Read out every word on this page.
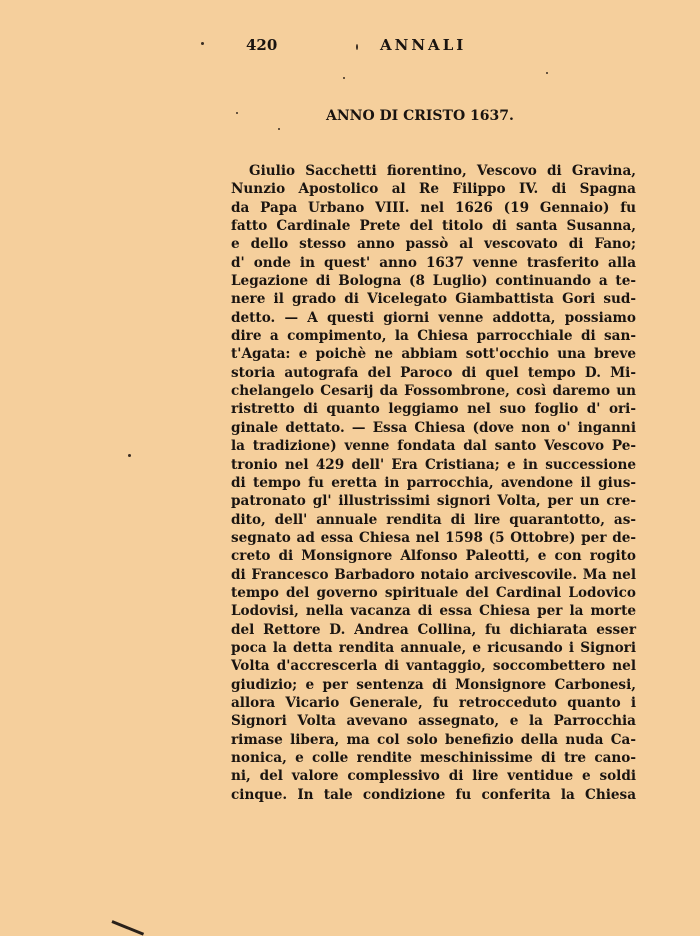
420	ANNALI
ANNO DI CRISTO 1637.
Giulio Sacchetti fiorentino, Vescovo di Gravina,
Nunzio Apostolico al Re Filippo IV. di Spagna
da Papa Urbano VIII. nel 1626 (19 Gennaio) fu
fatto Cardinale Prete del titolo di santa Susanna,
e dello stesso anno passò al vescovato di Fano;
d' onde in quest' anno 1637 venne trasferito alla
Legazione di Bologna (8 Luglio) continuando a te-
nere il grado di Vicelegato Giambattista Gori sud-
detto. — A questi giorni venne addotta, possiamo
dire a compimento, la Chiesa parrocchiale di san-
t'Agata: e poichè ne abbiam sott'occhio una breve
storia autografa del Paroco di quel tempo D. Mi-
chelangelo Cesarij da Fossombrone, così daremo un
ristretto di quanto leggiamo nel suo foglio d' ori-
ginale dettato. — Essa Chiesa (dove non o' inganni
la tradizione) venne fondata dal santo Vescovo Pe-
tronio nel 429 dell' Era Cristiana; e in successione
di tempo fu eretta in parrocchia, avendone il gius-
patronato gl' illustrissimi signori Volta, per un cre-
dito, dell' annuale rendita di lire quarantotto, as-
segnato ad essa Chiesa nel 1598 (5 Ottobre) per de-
creto di Monsignore Alfonso Paleotti, e con rogito
di Francesco Barbadoro notaio arcivescovile. Ma nel
tempo del governo spirituale del Cardinal Lodovico
Lodovisi, nella vacanza di essa Chiesa per la morte
del Rettore D. Andrea Collina, fu dichiarata esser
poca la detta rendita annuale, e ricusando i Signori
Volta d'accrescerla di vantaggio, soccombettero nel
giudizio; e per sentenza di Monsignore Carbonesi,
allora Vicario Generale, fu retrocceduto quanto i
Signori Volta avevano assegnato, e la Parrocchia
rimase libera, ma col solo benefizio della nuda Ca-
nonica, e colle rendite meschinissime di tre cano-
ni, del valore complessivo di lire ventidue e soldi
cinque. In tale condizione fu conferita la Chiesa
